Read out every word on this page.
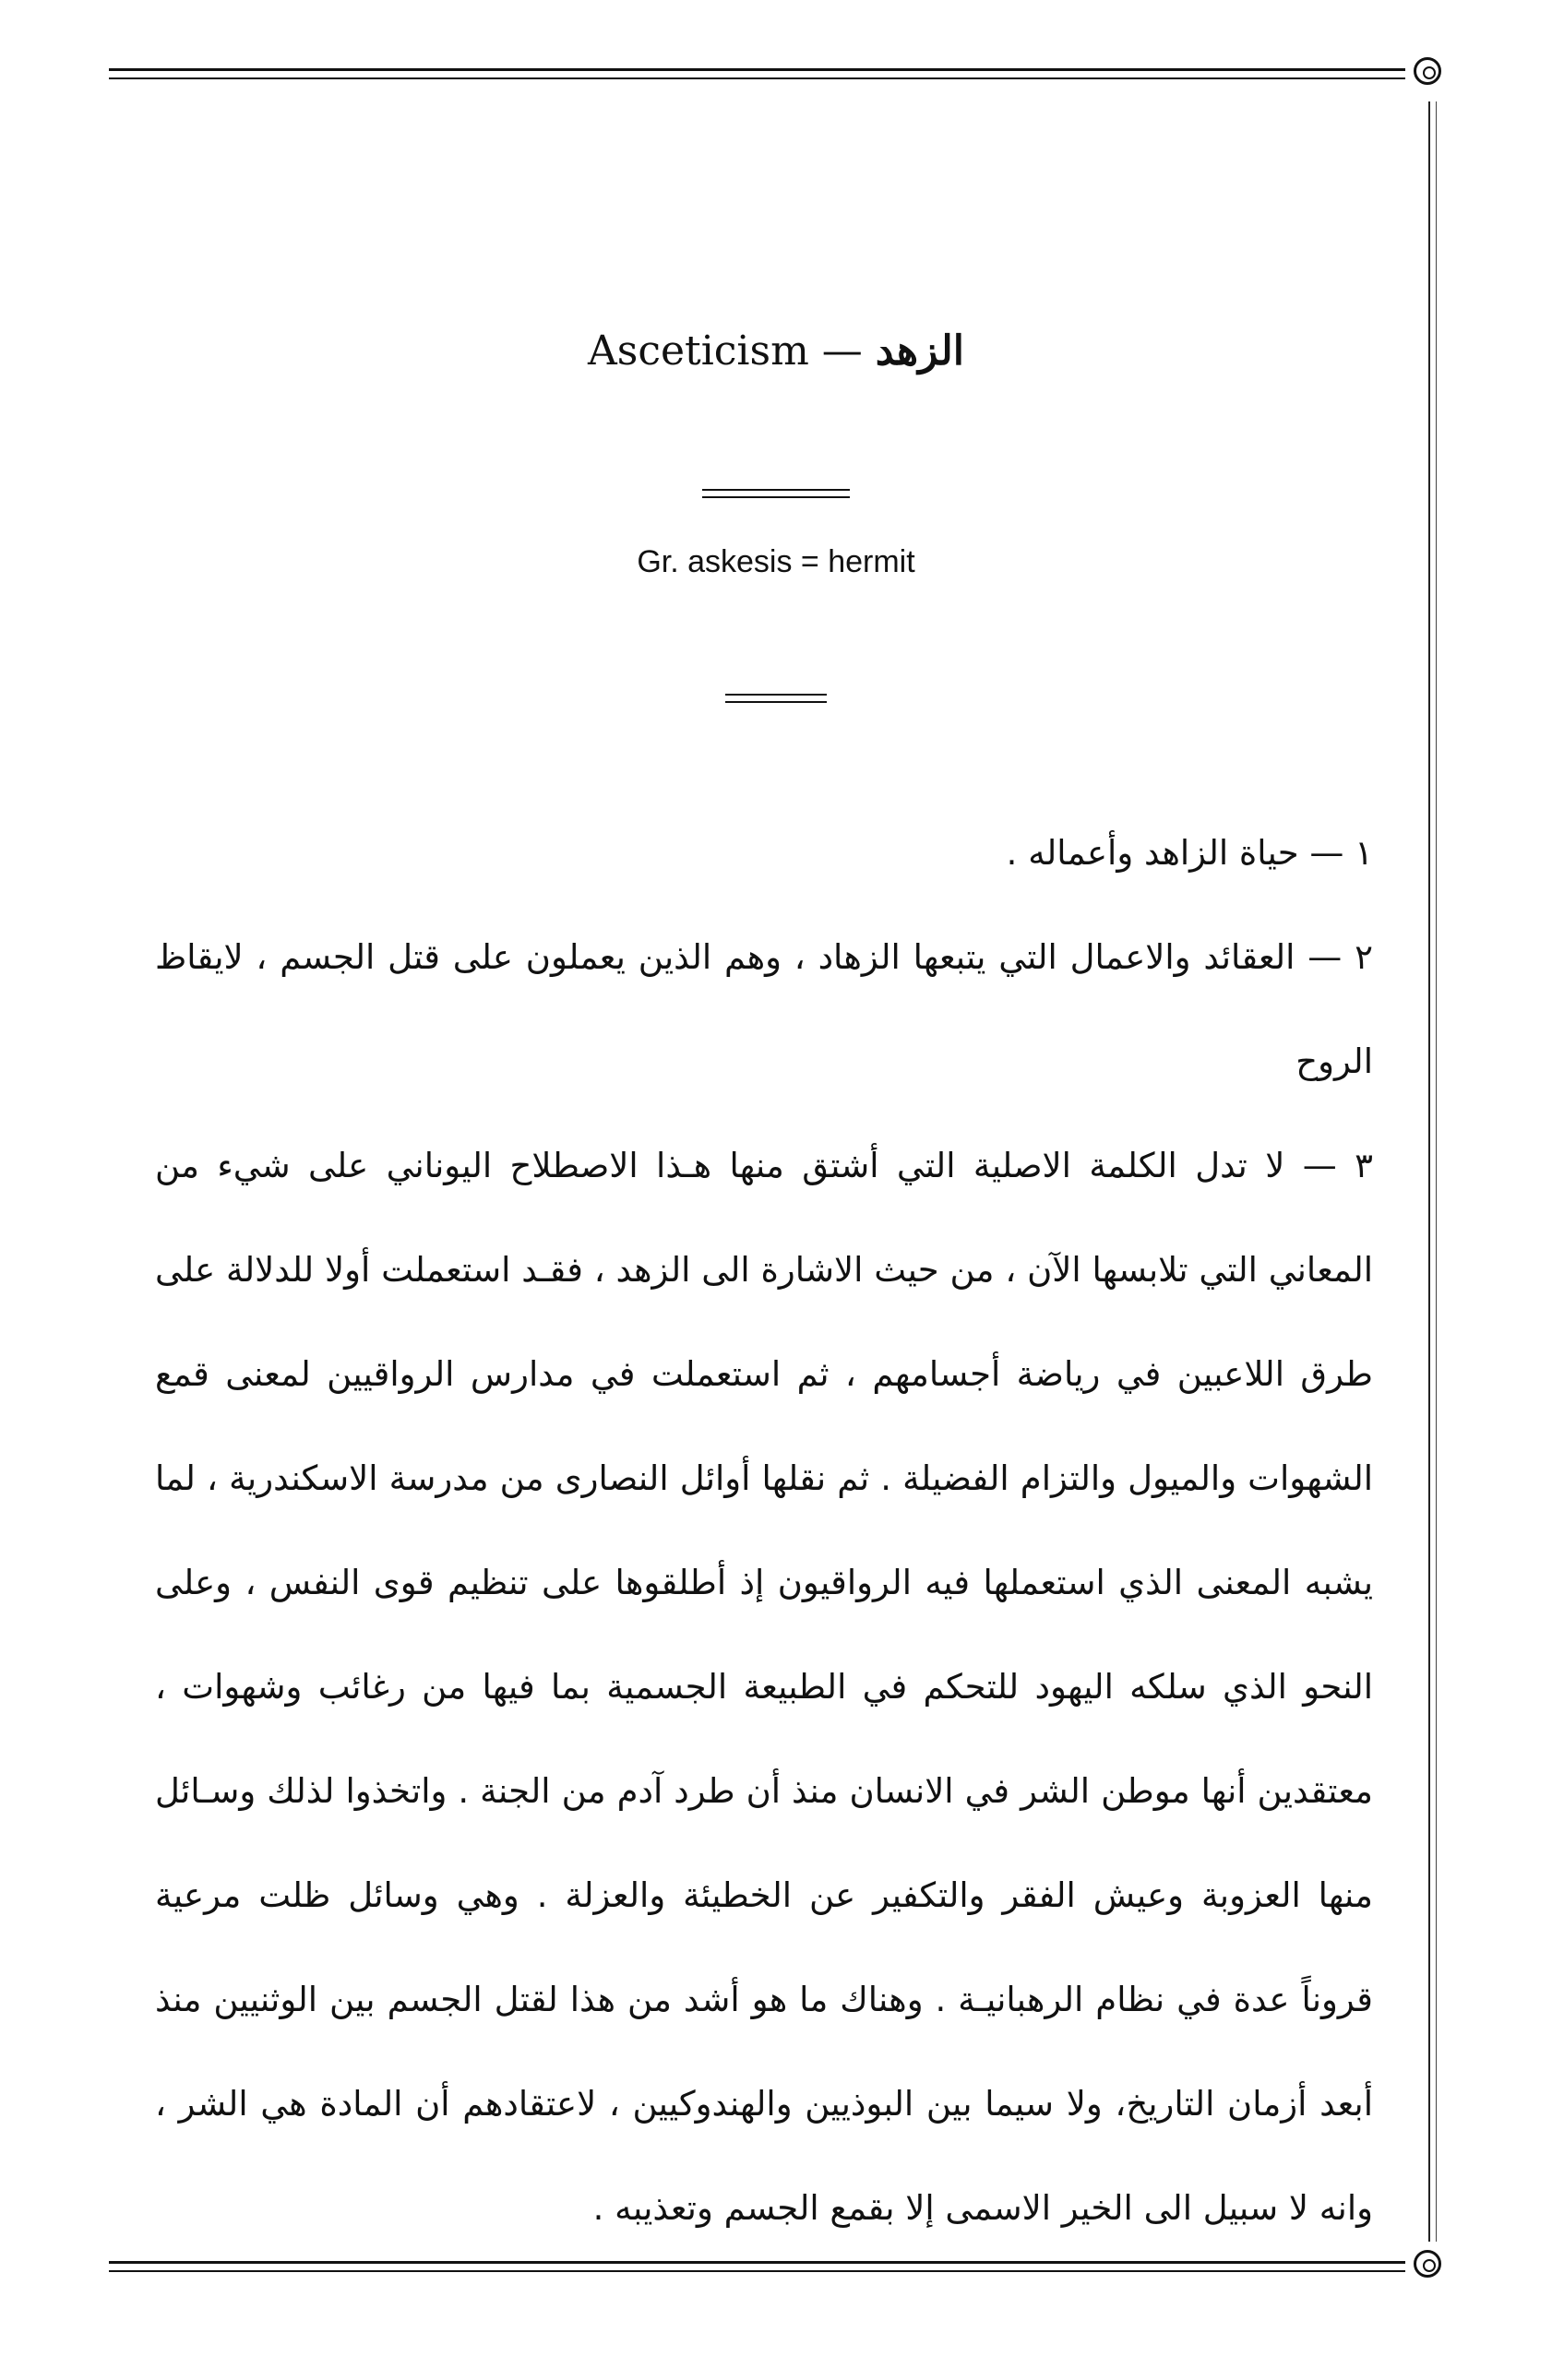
Asceticism — الزهد
Gr. askesis = hermit

١ — حياة الزاهد وأعماله .

٢ — العقائد والاعمال التي يتبعها الزهاد ، وهم الذين يعملون على قتل الجسم ، لايقاظ الروح

٣ — لا تدل الكلمة الاصلية التي أشتق منها هـذا الاصطلاح اليوناني على شيء من المعاني التي تلابسها الآن ، من حيث الاشارة الى الزهد ، فقـد استعملت أولا للدلالة على طرق اللاعبين في رياضة أجسامهم ، ثم استعملت في مدارس الرواقيين لمعنى قمع الشهوات والميول والتزام الفضيلة . ثم نقلها أوائل النصارى من مدرسة الاسكندرية ، لما يشبه المعنى الذي استعملها فيه الرواقيون إذ أطلقوها على تنظيم قوى النفس ، وعلى النحو الذي سلكه اليهود للتحكم في الطبيعة الجسمية بما فيها من رغائب وشهوات ، معتقدين أنها موطن الشر في الانسان منذ أن طرد آدم من الجنة . واتخذوا لذلك وسـائل منها العزوبة وعيش الفقر والتكفير عن الخطيئة والعزلة . وهي وسائل ظلت مرعية قروناً عدة في نظام الرهبانيـة . وهناك ما هو أشد من هذا لقتل الجسم بين الوثنيين منذ أبعد أزمان التاريخ، ولا سيما بين البوذيين والهندوكيين ، لاعتقادهم أن المادة هي الشر ، وانه لا سبيل الى الخير الاسمى إلا بقمع الجسم وتعذيبه .
